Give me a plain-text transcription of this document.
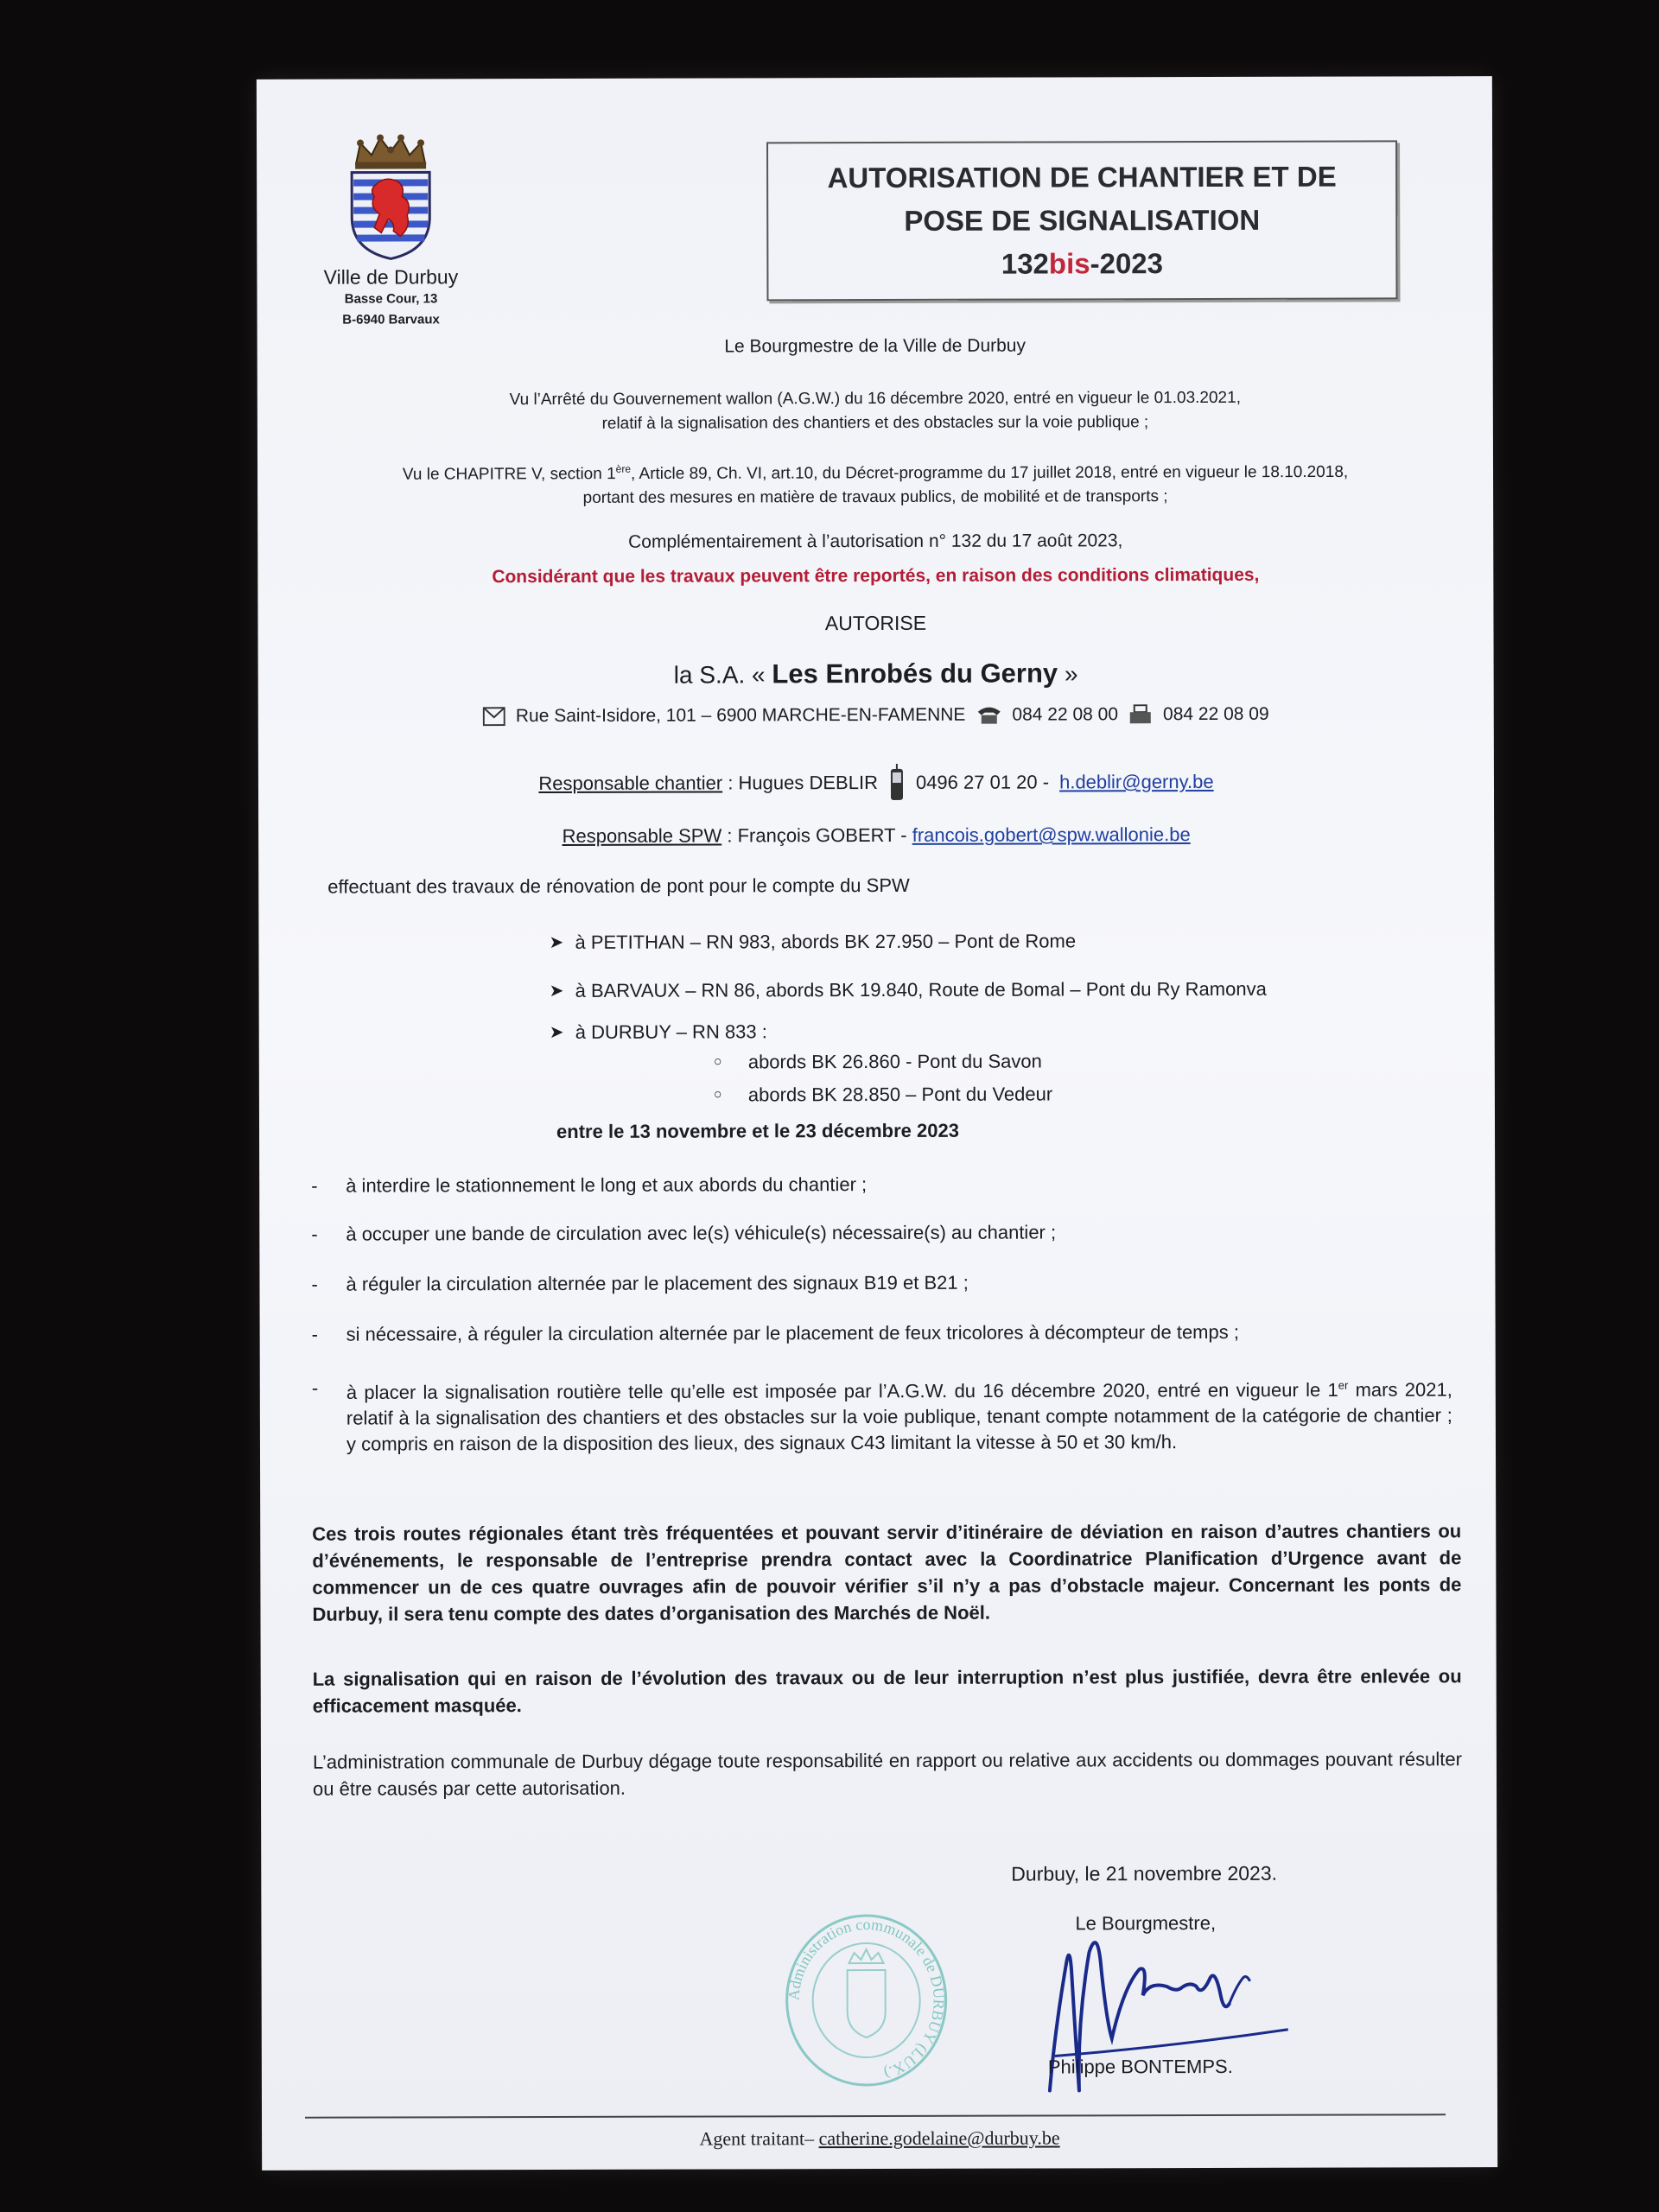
Ville de Durbuy
Basse Cour, 13
B-6940 Barvaux
AUTORISATION DE CHANTIER ET DE
POSE DE SIGNALISATION
132bis-2023
Le Bourgmestre de la Ville de Durbuy
Vu l’Arrêté du Gouvernement wallon (A.G.W.) du 16 décembre 2020, entré en vigueur le 01.03.2021,
relatif à la signalisation des chantiers et des obstacles sur la voie publique ;
Vu le CHAPITRE V, section 1ère, Article 89, Ch. VI, art.10, du Décret-programme du 17 juillet 2018, entré en vigueur le 18.10.2018,
portant des mesures en matière de travaux publics, de mobilité et de transports ;
Complémentairement à l’autorisation n° 132 du 17 août 2023,
Considérant que les travaux peuvent être reportés, en raison des conditions climatiques,
AUTORISE
la S.A. « Les Enrobés du Gerny »
Rue Saint-Isidore, 101 – 6900 MARCHE-EN-FAMENNE	084 22 08 00 084 22 08 09
Responsable chantier : Hugues DEBLIR 0496 27 01 20 - h.deblir@gerny.be
Responsable SPW : François GOBERT - francois.gobert@spw.wallonie.be
effectuant des travaux de rénovation de pont pour le compte du SPW
➤ à PETITHAN – RN 983, abords BK 27.950 – Pont de Rome
➤ à BARVAUX – RN 86, abords BK 19.840, Route de Bomal – Pont du Ry Ramonva
➤ à DURBUY – RN 833 :
○ abords BK 26.860 - Pont du Savon
○ abords BK 28.850 – Pont du Vedeur
entre le 13 novembre et le 23 décembre 2023
- à interdire le stationnement le long et aux abords du chantier ;
- à occuper une bande de circulation avec le(s) véhicule(s) nécessaire(s) au chantier ;
- à réguler la circulation alternée par le placement des signaux B19 et B21 ;
- si nécessaire, à réguler la circulation alternée par le placement de feux tricolores à décompteur de temps ;
- à placer la signalisation routière telle qu’elle est imposée par l’A.G.W. du 16 décembre 2020, entré en vigueur le 1er mars 2021, relatif à la signalisation des chantiers et des obstacles sur la voie publique, tenant compte notamment de la catégorie de chantier ; y compris en raison de la disposition des lieux, des signaux C43 limitant la vitesse à 50 et 30 km/h.
Ces trois routes régionales étant très fréquentées et pouvant servir d’itinéraire de déviation en raison d’autres chantiers ou d’événements, le responsable de l’entreprise prendra contact avec la Coordinatrice Planification d’Urgence avant de commencer un de ces quatre ouvrages afin de pouvoir vérifier s’il n’y a pas d’obstacle majeur. Concernant les ponts de Durbuy, il sera tenu compte des dates d’organisation des Marchés de Noël.
La signalisation qui en raison de l’évolution des travaux ou de leur interruption n’est plus justifiée, devra être enlevée ou efficacement masquée.
L’administration communale de Durbuy dégage toute responsabilité en rapport ou relative aux accidents ou dommages pouvant résulter ou être causés par cette autorisation.
Durbuy, le 21 novembre 2023.
Le Bourgmestre,
Philippe BONTEMPS.
Administration communale de DURBUY (LUX.)
Agent traitant– catherine.godelaine@durbuy.be
